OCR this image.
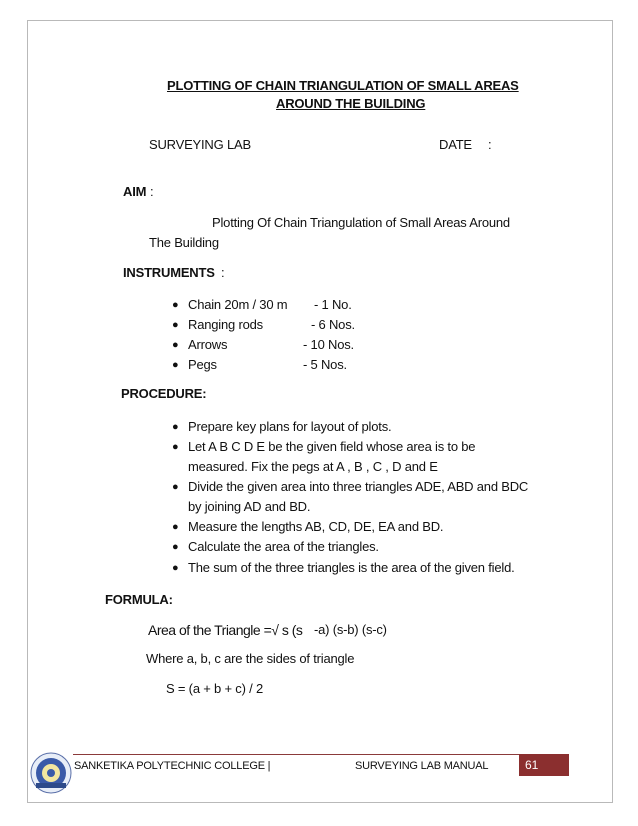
PLOTTING OF CHAIN TRIANGULATION OF SMALL AREAS
AROUND THE BUILDING
SURVEYING LAB	DATE :
AIM :
Plotting Of Chain Triangulation of Small Areas Around
The Building
INSTRUMENTS :
● Chain 20m / 30 m - 1 No.
● Ranging rods	- 6 Nos.
● Arrows	- 10 Nos.
● Pegs	- 5 Nos.
PROCEDURE:
● Prepare key plans for layout of plots.
● Let A B C D E be the given field whose area is to be
measured. Fix the pegs at A , B , C , D and E
● Divide the given area into three triangles ADE, ABD and BDC
by joining AD and BD.
● Measure the lengths AB, CD, DE, EA and BD.
● Calculate the area of the triangles.
● The sum of the three triangles is the area of the given field.
FORMULA:
Area of the Triangle =√ s (s -a) (s-b) (s-c)
Where a, b, c are the sides of triangle
S = (a + b + c) / 2
SANKETIKA POLYTECHNIC COLLEGE |	SURVEYING LAB MANUAL	61
